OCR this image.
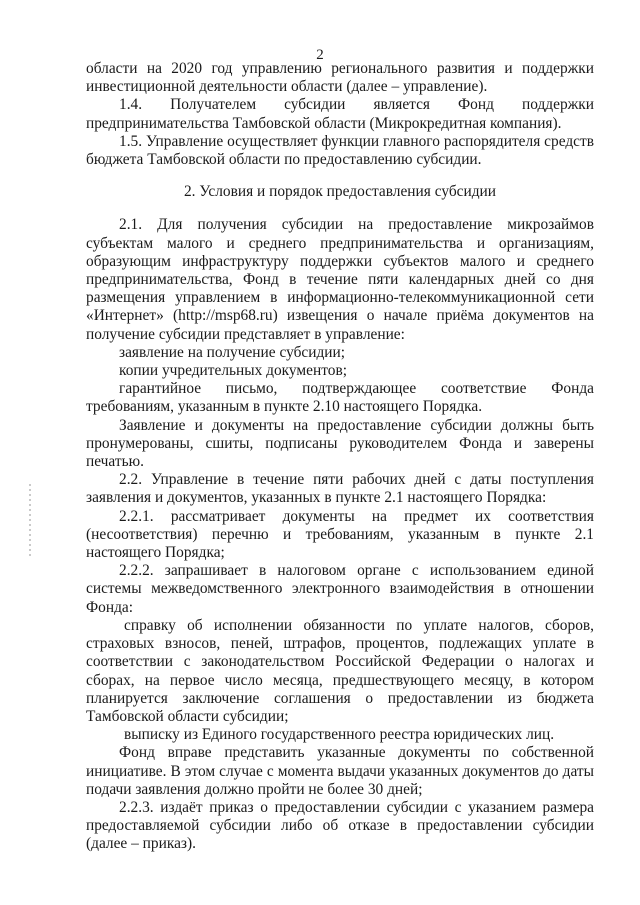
2

области на 2020 год управлению регионального развития и поддержки инвестиционной деятельности области (далее – управление).

1.4. Получателем субсидии является Фонд поддержки предпринимательства Тамбовской области (Микрокредитная компания).

1.5. Управление осуществляет функции главного распорядителя средств бюджета Тамбовской области по предоставлению субсидии.

2. Условия и порядок предоставления субсидии

2.1. Для получения субсидии на предоставление микрозаймов субъектам малого и среднего предпринимательства и организациям, образующим инфраструктуру поддержки субъектов малого и среднего предпринимательства, Фонд в течение пяти календарных дней со дня размещения управлением в информационно-телекоммуникационной сети «Интернет» (http://msp68.ru) извещения о начале приёма документов на получение субсидии представляет в управление:

заявление на получение субсидии;

копии учредительных документов;

гарантийное письмо, подтверждающее соответствие Фонда требованиям, указанным в пункте 2.10 настоящего Порядка.

Заявление и документы на предоставление субсидии должны быть пронумерованы, сшиты, подписаны руководителем Фонда и заверены печатью.

2.2. Управление в течение пяти рабочих дней с даты поступления заявления и документов, указанных в пункте 2.1 настоящего Порядка:

2.2.1. рассматривает документы на предмет их соответствия (несоответствия) перечню и требованиям, указанным в пункте 2.1 настоящего Порядка;

2.2.2. запрашивает в налоговом органе с использованием единой системы межведомственного электронного взаимодействия в отношении Фонда:

справку об исполнении обязанности по уплате налогов, сборов, страховых взносов, пеней, штрафов, процентов, подлежащих уплате в соответствии с законодательством Российской Федерации о налогах и сборах, на первое число месяца, предшествующего месяцу, в котором планируется заключение соглашения о предоставлении из бюджета Тамбовской области субсидии;

выписку из Единого государственного реестра юридических лиц.

Фонд вправе представить указанные документы по собственной инициативе. В этом случае с момента выдачи указанных документов до даты подачи заявления должно пройти не более 30 дней;

2.2.3. издаёт приказ о предоставлении субсидии с указанием размера предоставляемой субсидии либо об отказе в предоставлении субсидии (далее – приказ).
